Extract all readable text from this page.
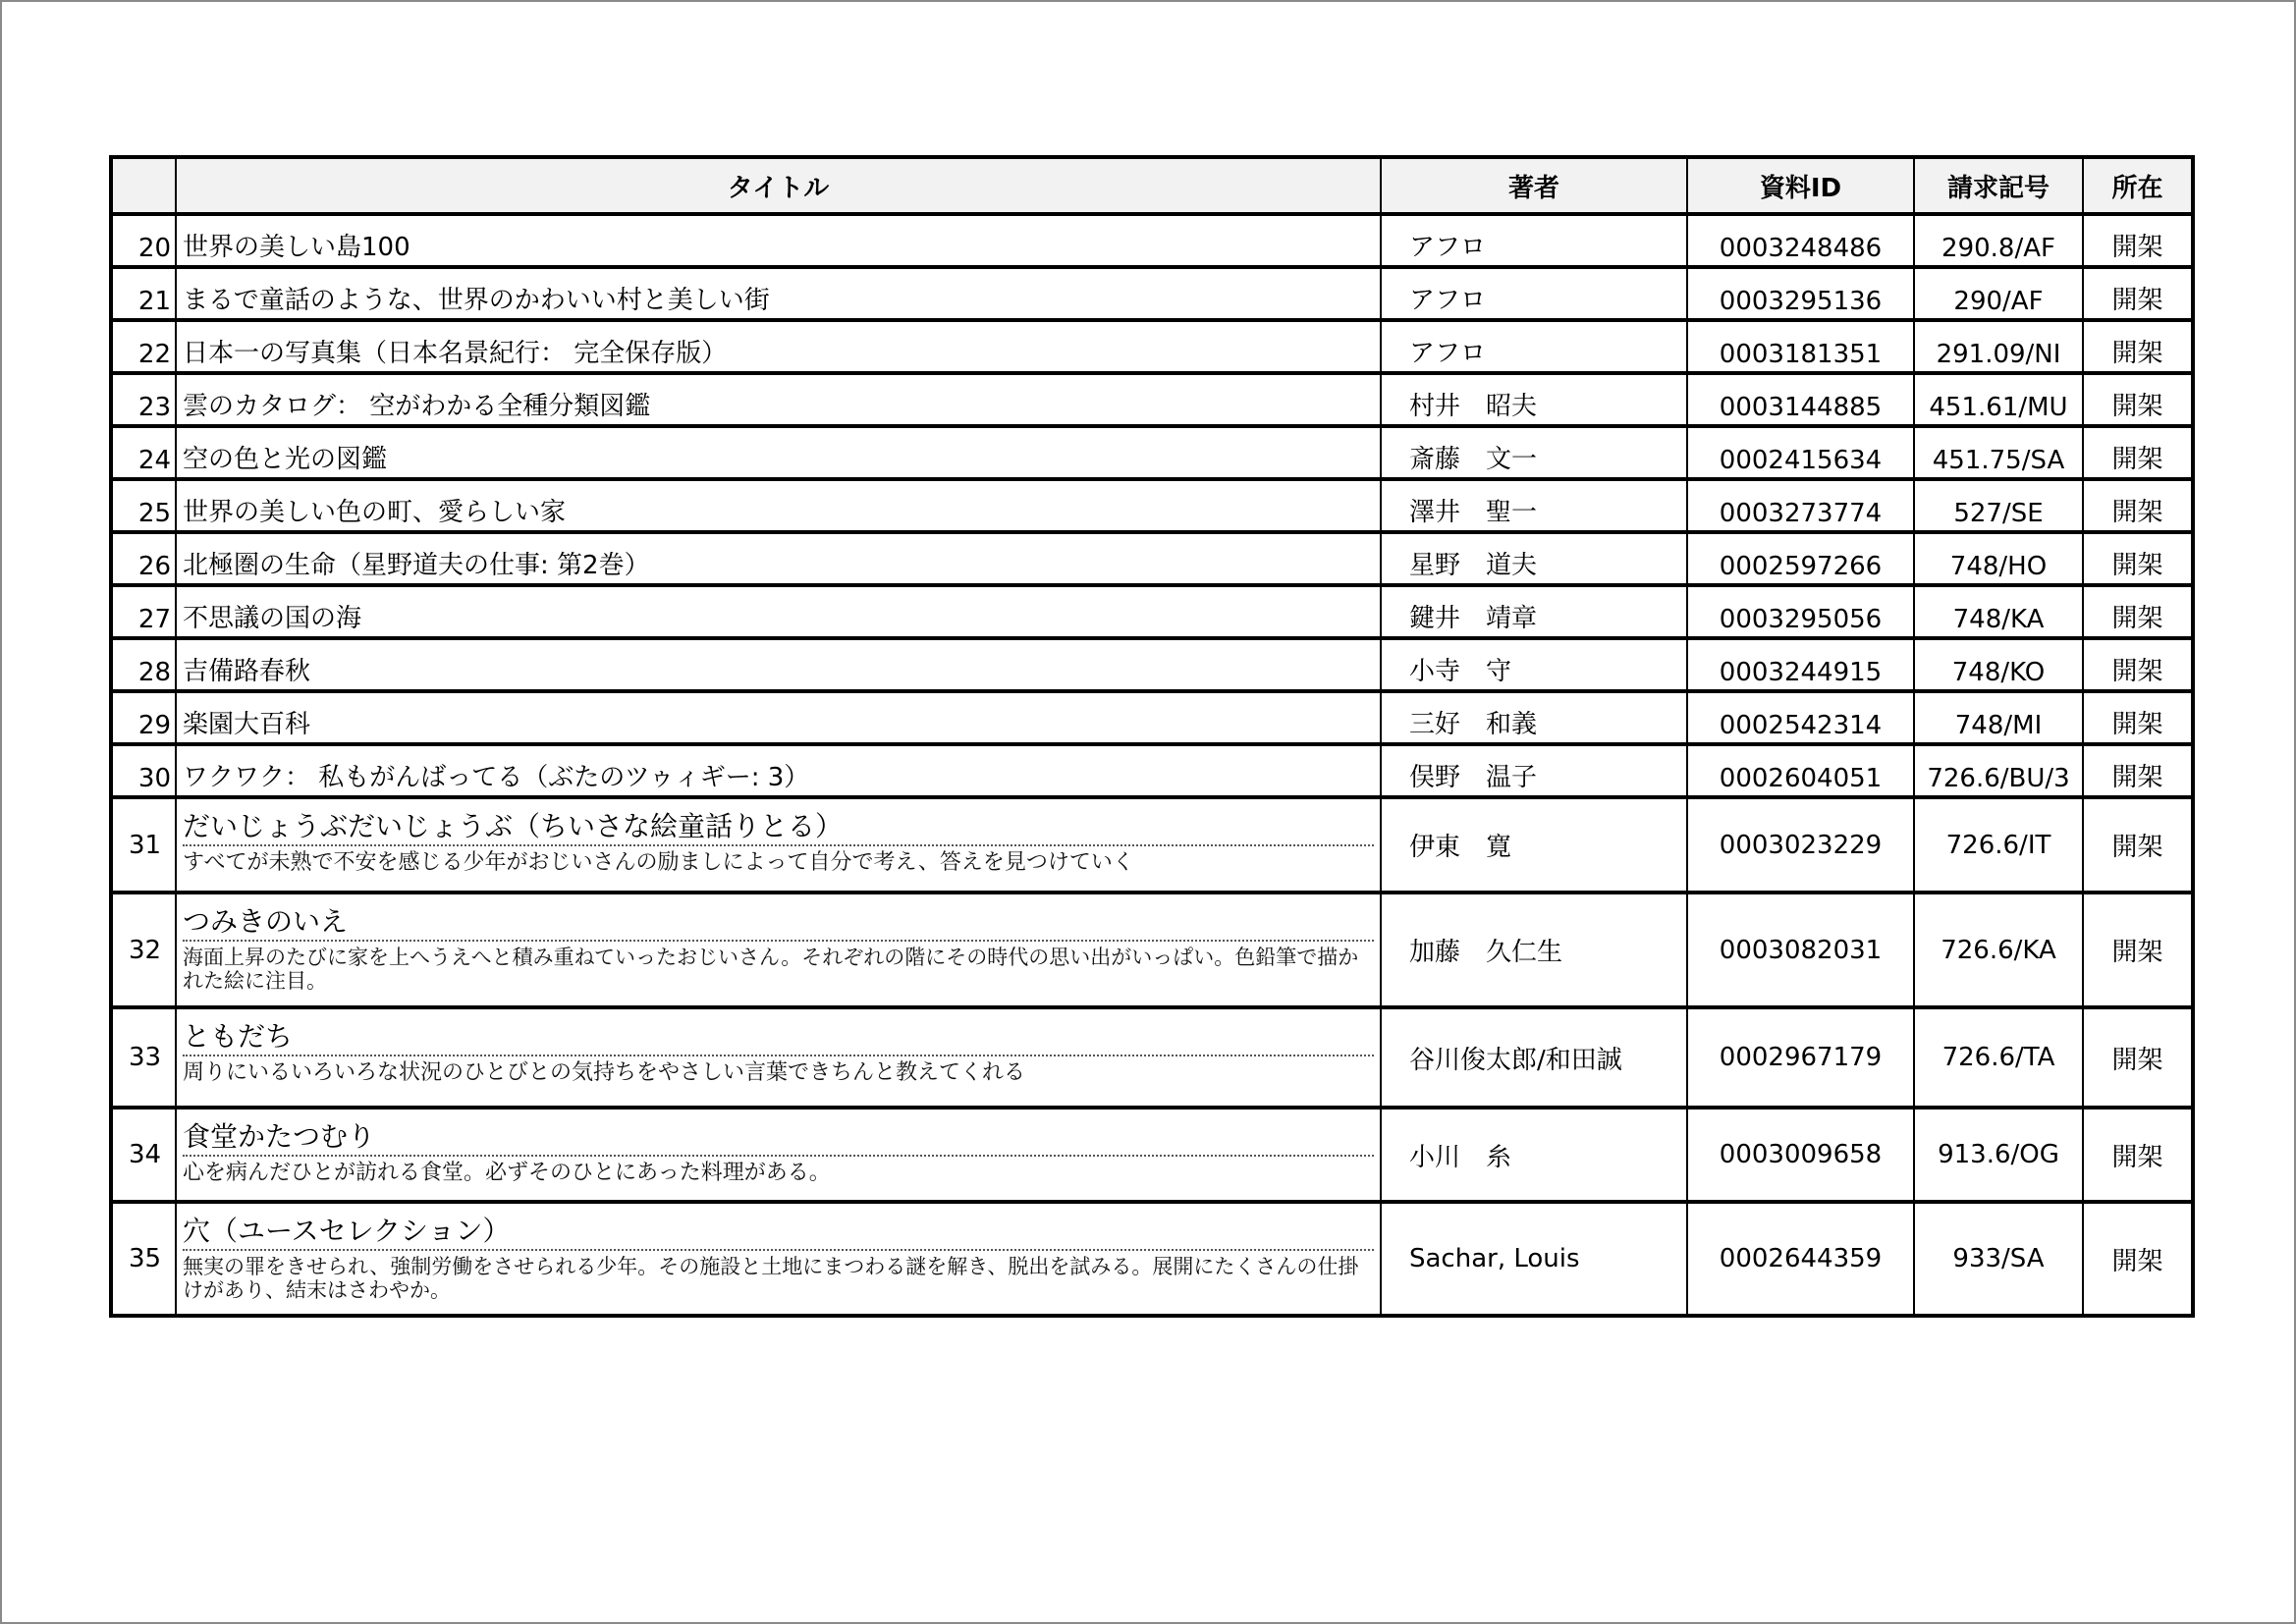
	タイトル	著者	資料ID	請求記号	所在
20	世界の美しい島100	アフロ	0003248486	290.8/AF	開架
21	まるで童話のような、世界のかわいい村と美しい街	アフロ	0003295136	290/AF	開架
22	日本一の写真集（日本名景紀行： 完全保存版）	アフロ	0003181351	291.09/NI	開架
23	雲のカタログ： 空がわかる全種分類図鑑	村井　昭夫	0003144885	451.61/MU	開架
24	空の色と光の図鑑	斎藤　文一	0002415634	451.75/SA	開架
25	世界の美しい色の町、愛らしい家	澤井　聖一	0003273774	527/SE	開架
26	北極圏の生命（星野道夫の仕事: 第2巻）	星野　道夫	0002597266	748/HO	開架
27	不思議の国の海	鍵井　靖章	0003295056	748/KA	開架
28	吉備路春秋	小寺　守	0003244915	748/KO	開架
29	楽園大百科	三好　和義	0002542314	748/MI	開架
30	ワクワク： 私もがんばってる（ぶたのツゥィギー: 3）	俣野　温子	0002604051	726.6/BU/3	開架
31	だいじょうぶだいじょうぶ（ちいさな絵童話りとる）
すべてが未熟で不安を感じる少年がおじいさんの励ましによって自分で考え、答えを見つけていく	伊東　寛	0003023229	726.6/IT	開架
32	つみきのいえ
海面上昇のたびに家を上へうえへと積み重ねていったおじいさん。それぞれの階にその時代の思い出がいっぱい。色鉛筆で描かれた絵に注目。	加藤　久仁生	0003082031	726.6/KA	開架
33	ともだち
周りにいるいろいろな状況のひとびとの気持ちをやさしい言葉できちんと教えてくれる	谷川俊太郎/和田誠	0002967179	726.6/TA	開架
34	食堂かたつむり
心を病んだひとが訪れる食堂。必ずそのひとにあった料理がある。	小川　糸	0003009658	913.6/OG	開架
35	穴（ユースセレクション）
無実の罪をきせられ、強制労働をさせられる少年。その施設と土地にまつわる謎を解き、脱出を試みる。展開にたくさんの仕掛けがあり、結末はさわやか。	Sachar, Louis	0002644359	933/SA	開架
